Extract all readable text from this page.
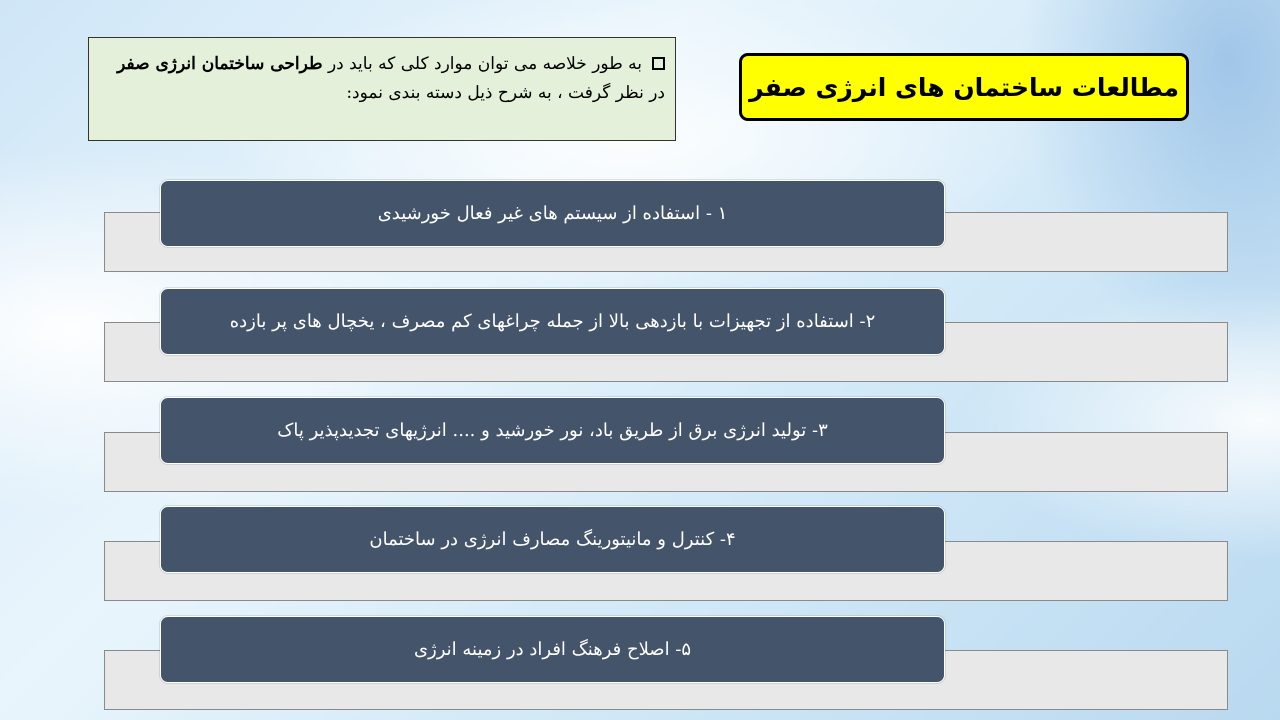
مطالعات ساختمان های انرژی صفر
به طور خلاصه می توان موارد کلی که باید در طراحی ساختمان انرژی صفر در نظر گرفت ، به شرح ذیل دسته بندی نمود:
۱ - استفاده از سیستم های غیر فعال خورشیدی
۲- استفاده از تجهیزات با بازدهی بالا از جمله چراغهای کم مصرف ، یخچال های پر بازده
۳- تولید انرژی برق از طریق باد، نور خورشید و .... انرژیهای تجدیدپذیر پاک
۴- کنترل و مانیتورینگ مصارف انرژی در ساختمان
۵- اصلاح فرهنگ افراد در زمینه انرژی
